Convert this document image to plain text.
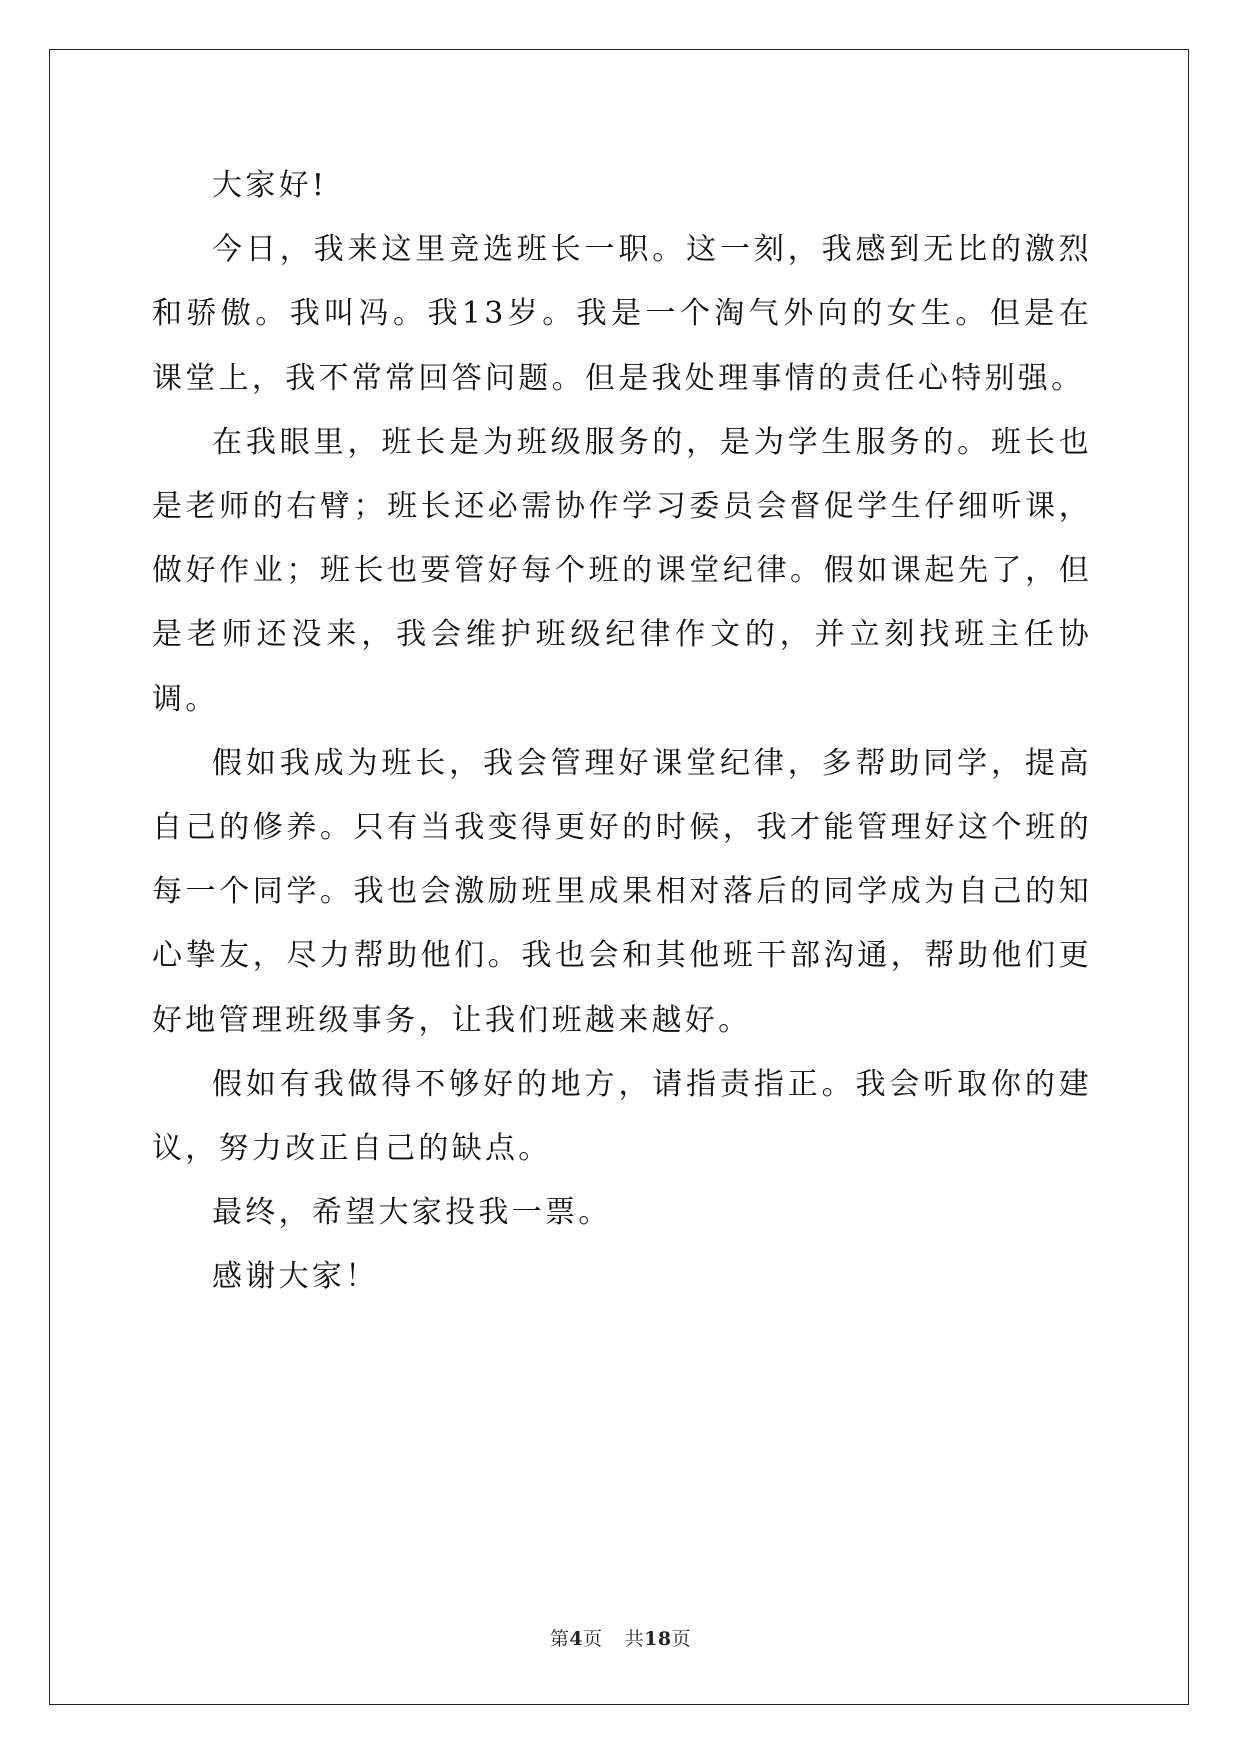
大家好!

今日，我来这里竞选班长一职。这一刻，我感到无比的激烈和骄傲。我叫冯。我13岁。我是一个淘气外向的女生。但是在课堂上，我不常常回答问题。但是我处理事情的责任心特别强。

在我眼里，班长是为班级服务的，是为学生服务的。班长也是老师的右臂；班长还必需协作学习委员会督促学生仔细听课，做好作业；班长也要管好每个班的课堂纪律。假如课起先了，但是老师还没来，我会维护班级纪律作文的，并立刻找班主任协调。

假如我成为班长，我会管理好课堂纪律，多帮助同学，提高自己的修养。只有当我变得更好的时候，我才能管理好这个班的每一个同学。我也会激励班里成果相对落后的同学成为自己的知心挚友，尽力帮助他们。我也会和其他班干部沟通，帮助他们更好地管理班级事务，让我们班越来越好。

假如有我做得不够好的地方，请指责指正。我会听取你的建议，努力改正自己的缺点。

最终，希望大家投我一票。

感谢大家！

第4页 共18页
